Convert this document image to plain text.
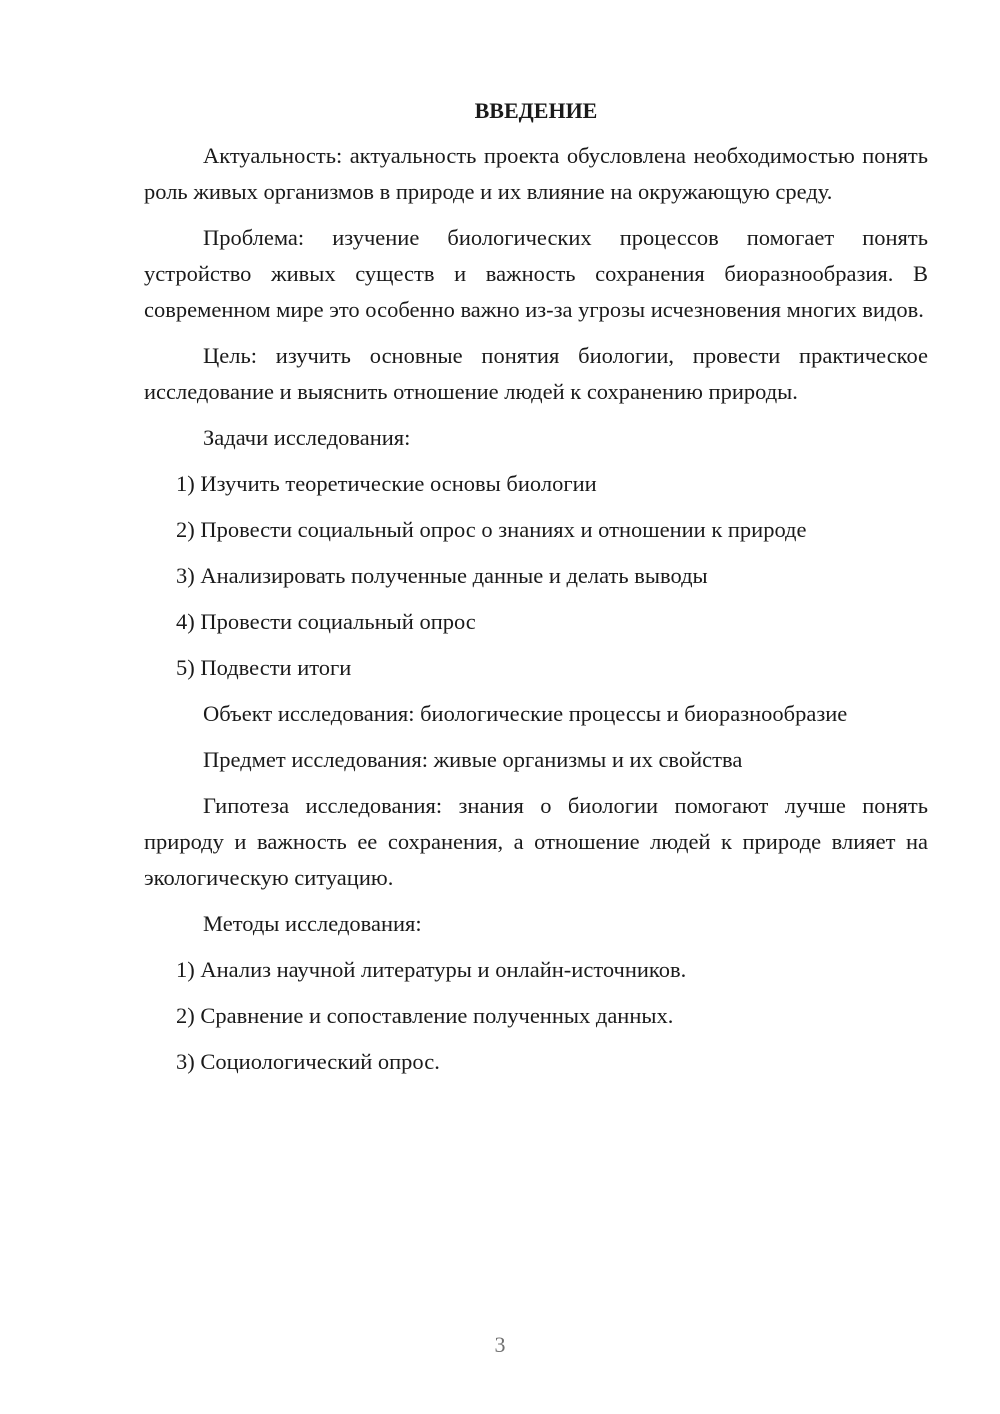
ВВЕДЕНИЕ

Актуальность: актуальность проекта обусловлена необходимостью понять роль живых организмов в природе и их влияние на окружающую среду.

Проблема: изучение биологических процессов помогает понять устройство живых существ и важность сохранения биоразнообразия. В современном мире это особенно важно из-за угрозы исчезновения многих видов.

Цель: изучить основные понятия биологии, провести практическое исследование и выяснить отношение людей к сохранению природы.

Задачи исследования:

1) Изучить теоретические основы биологии

2) Провести социальный опрос о знаниях и отношении к природе

3) Анализировать полученные данные и делать выводы

4) Провести социальный опрос

5) Подвести итоги

Объект исследования: биологические процессы и биоразнообразие

Предмет исследования: живые организмы и их свойства

Гипотеза исследования: знания о биологии помогают лучше понять природу и важность ее сохранения, а отношение людей к природе влияет на экологическую ситуацию.

Методы исследования:

1) Анализ научной литературы и онлайн-источников.

2) Сравнение и сопоставление полученных данных.

3) Социологический опрос.

3
